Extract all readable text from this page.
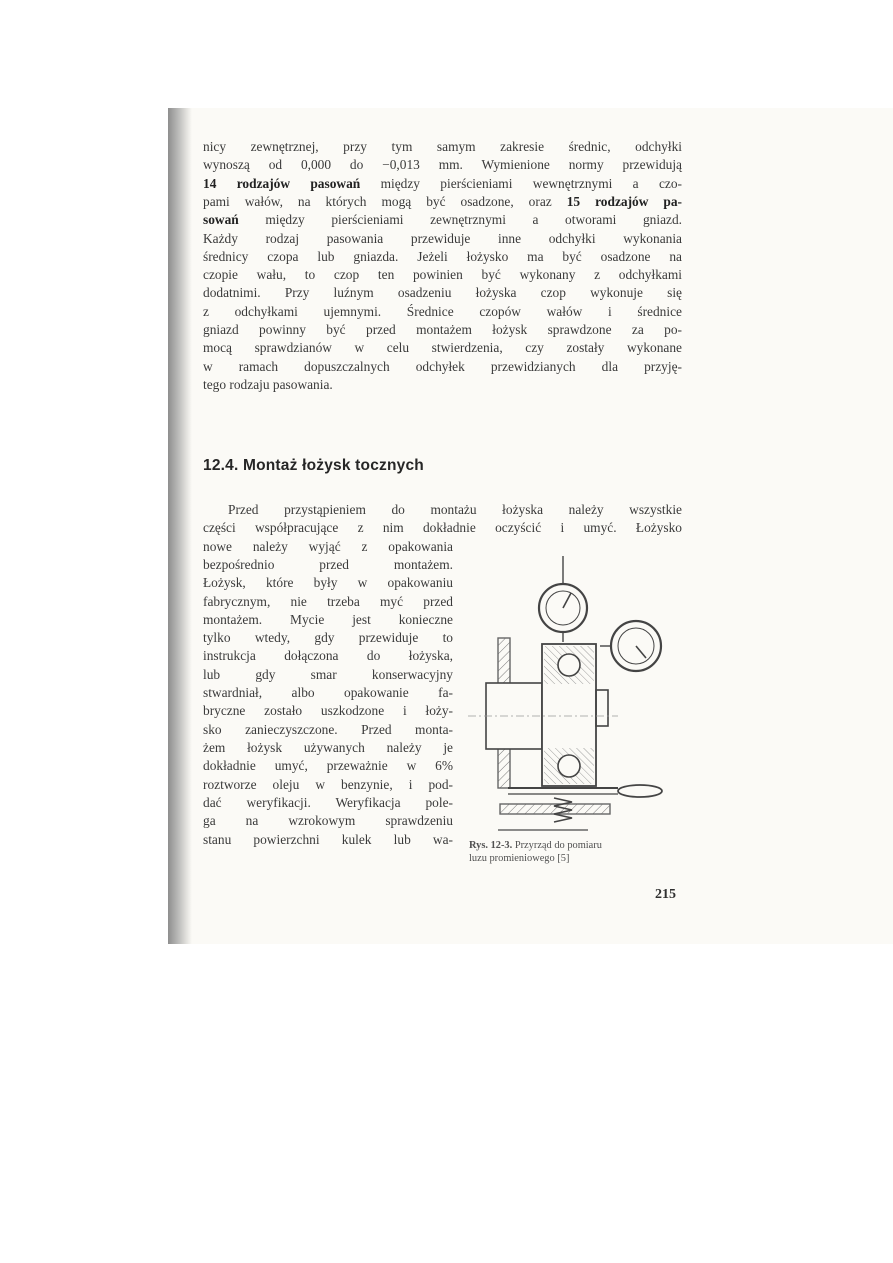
nicy zewnętrznej, przy tym samym zakresie średnic, odchyłki

wynoszą od 0,000 do −0,013 mm. Wymienione normy przewidują

14 rodzajów pasowań między pierścieniami wewnętrznymi a czo-

pami wałów, na których mogą być osadzone, oraz 15 rodzajów pa-

sowań między pierścieniami zewnętrznymi a otworami gniazd.

Każdy rodzaj pasowania przewiduje inne odchyłki wykonania

średnicy czopa lub gniazda. Jeżeli łożysko ma być osadzone na

czopie wału, to czop ten powinien być wykonany z odchyłkami

dodatnimi. Przy luźnym osadzeniu łożyska czop wykonuje się

z odchyłkami ujemnymi. Średnice czopów wałów i średnice

gniazd powinny być przed montażem łożysk sprawdzone za po-

mocą sprawdzianów w celu stwierdzenia, czy zostały wykonane

w ramach dopuszczalnych odchyłek przewidzianych dla przyję-

tego rodzaju pasowania.

12.4. Montaż łożysk tocznych

Przed przystąpieniem do montażu łożyska należy wszystkie

części współpracujące z nim dokładnie oczyścić i umyć. Łożysko

nowe należy wyjąć z opakowania

bezpośrednio przed montażem.

Łożysk, które były w opakowaniu

fabrycznym, nie trzeba myć przed

montażem. Mycie jest konieczne

tylko wtedy, gdy przewiduje to

instrukcja dołączona do łożyska,

lub gdy smar konserwacyjny

stwardniał, albo opakowanie fa-

bryczne zostało uszkodzone i łoży-

sko zanieczyszczone. Przed monta-

żem łożysk używanych należy je

dokładnie umyć, przeważnie w 6%

roztworze oleju w benzynie, i pod-

dać weryfikacji. Weryfikacja pole-

ga na wzrokowym sprawdzeniu

stanu powierzchni kulek lub wa- Rys. 12-3. Przyrząd do pomiaru

luzu promieniowego [5]

215
